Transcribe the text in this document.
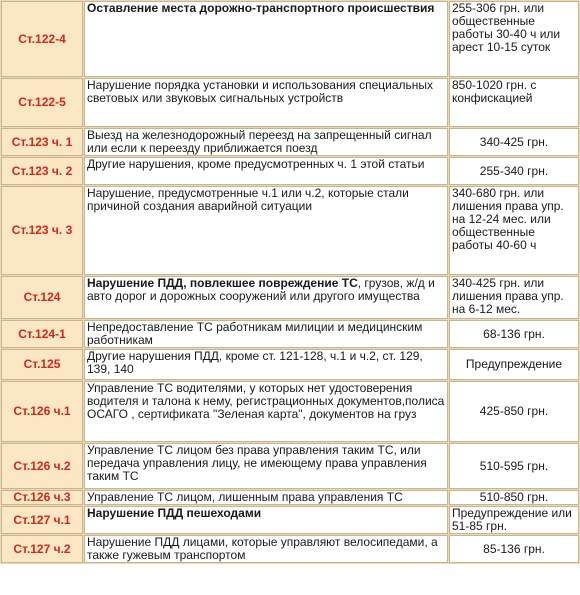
Ст.122-4	Оставление места дорожно-транспортного происшествия	255-306 грн. или общественные работы 30-40 ч или арест 10-15 суток
Ст.122-5	Нарушение порядка установки и использования специальных световых или звуковых сигнальных устройств	850-1020 грн. с конфискацией
Ст.123 ч. 1	Выезд на железнодорожный переезд на запрещенный сигнал или если к переезду приближается поезд	340-425 грн.
Ст.123 ч. 2	Другие нарушения, кроме предусмотренных ч. 1 этой статьи	255-340 грн.
Ст.123 ч. 3	Нарушение, предусмотренные ч.1 или ч.2, которые стали причиной создания аварийной ситуации	340-680 грн. или лишения права упр. на 12-24 мес. или общественные работы 40-60 ч
Ст.124	Нарушение ПДД, повлекшее повреждение ТС, грузов, ж/д и авто дорог и дорожных сооружений или другого имущества	340-425 грн. или лишения права упр. на 6-12 мес.
Ст.124-1	Непредоставление ТС работникам милиции и медицинским работникам	68-136 грн.
Ст.125	Другие нарушения ПДД, кроме ст. 121-128, ч.1 и ч.2, ст. 129, 139, 140	Предупреждение
Ст.126 ч.1	Управление ТС водителями, у которых нет удостоверения водителя и талона к нему, регистрационных документов,полиса ОСАГО , сертификата "Зеленая карта", документов на груз	425-850 грн.
Ст.126 ч.2	Управление ТС лицом без права управления таким ТС, или передача управления лицу, не имеющему права управления таким ТС	510-595 грн.
Ст.126 ч.3	Управление ТС лицом, лишенным права управления ТС	510-850 грн.
Ст.127 ч.1	Нарушение ПДД пешеходами	Предупреждение или 51-85 грн.
Ст.127 ч.2	Нарушение ПДД лицами, которые управляют велосипедами, а также гужевым транспортом	85-136 грн.
